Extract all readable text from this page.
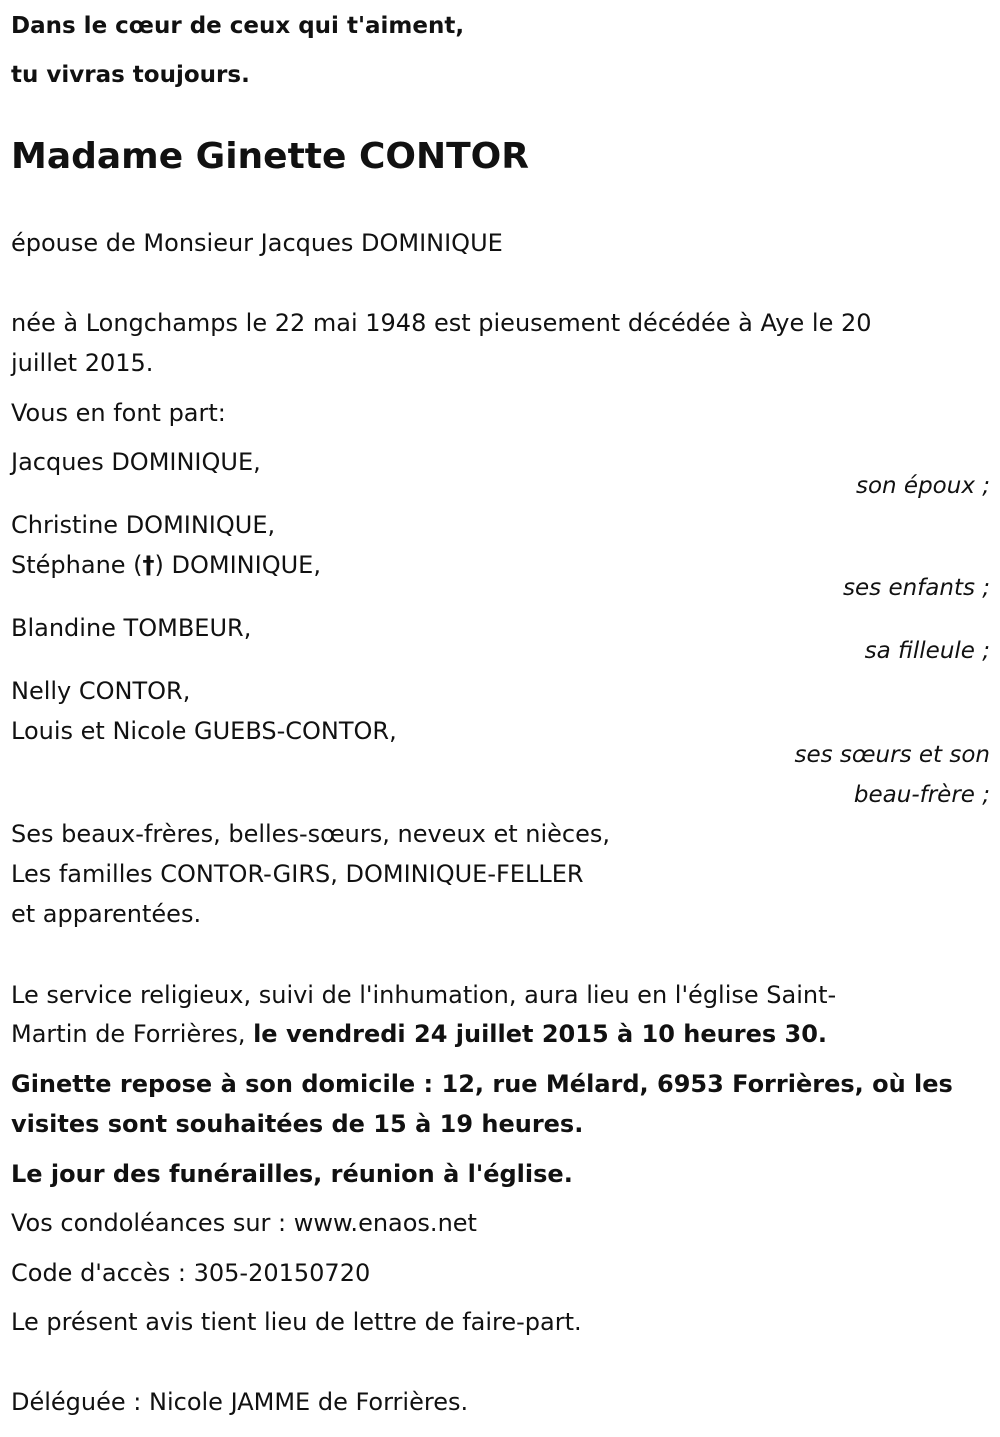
Dans le cœur de ceux qui t'aiment,
tu vivras toujours.
Madame Ginette CONTOR
épouse de Monsieur Jacques DOMINIQUE
née à Longchamps le 22 mai 1948 est pieusement décédée à Aye le 20
juillet 2015.
Vous en font part:
Jacques DOMINIQUE,
son époux ;
Christine DOMINIQUE,
Stéphane (†) DOMINIQUE,
ses enfants ;
Blandine TOMBEUR,
sa filleule ;
Nelly CONTOR,
Louis et Nicole GUEBS-CONTOR,
ses sœurs et son
beau-frère ;
Ses beaux-frères, belles-sœurs, neveux et nièces,
Les familles CONTOR-GIRS, DOMINIQUE-FELLER
et apparentées.
Le service religieux, suivi de l'inhumation, aura lieu en l'église Saint-
Martin de Forrières, le vendredi 24 juillet 2015 à 10 heures 30.
Ginette repose à son domicile : 12, rue Mélard, 6953 Forrières, où les
visites sont souhaitées de 15 à 19 heures.
Le jour des funérailles, réunion à l'église.
Vos condoléances sur : www.enaos.net
Code d'accès : 305-20150720
Le présent avis tient lieu de lettre de faire-part.
Déléguée : Nicole JAMME de Forrières.
